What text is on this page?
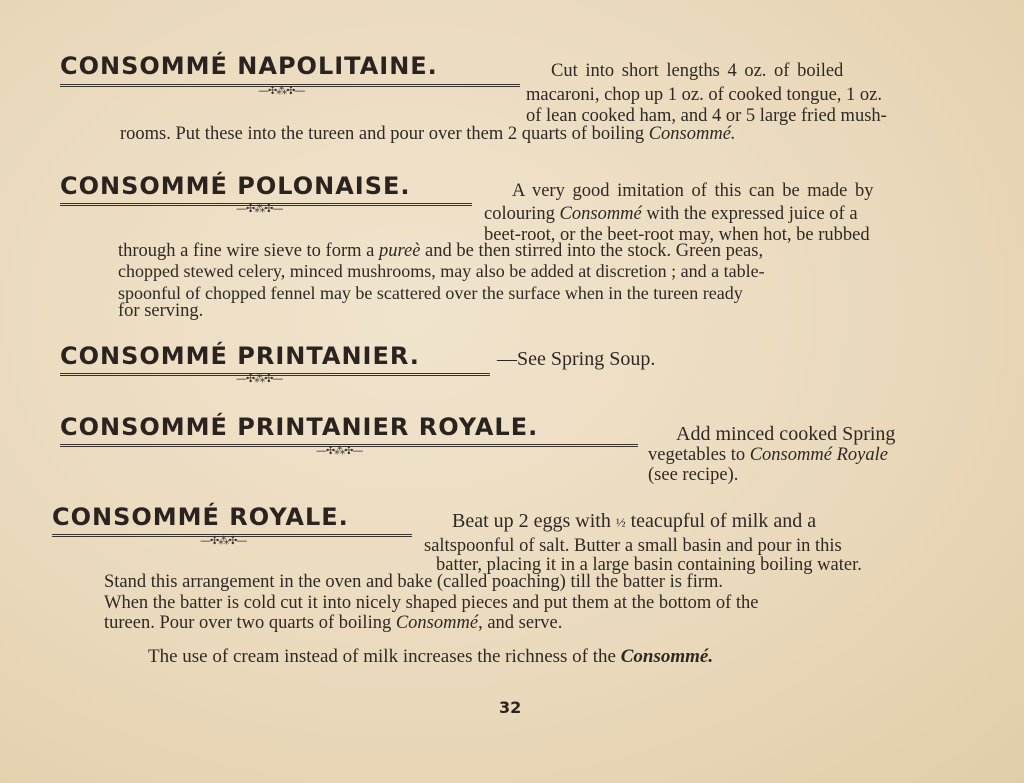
CONSOMMÉ NAPOLITAINE.
—✣⁂✣—
Cut into short lengths 4 oz. of boiled
macaroni, chop up 1 oz. of cooked tongue, 1 oz.
of lean cooked ham, and 4 or 5 large fried mush-
rooms. Put these into the tureen and pour over them 2 quarts of boiling Consommé.
CONSOMMÉ POLONAISE.
—✣⁂✣—
A very good imitation of this can be made by
colouring Consommé with the expressed juice of a
beet-root, or the beet-root may, when hot, be rubbed
through a fine wire sieve to form a pureè and be then stirred into the stock. Green peas,
chopped stewed celery, minced mushrooms, may also be added at discretion ; and a table-
spoonful of chopped fennel may be scattered over the surface when in the tureen ready
for serving.
CONSOMMÉ PRINTANIER.	—See Spring Soup.
—✣⁂✣—
CONSOMMÉ PRINTANIER ROYALE.
—✣⁂✣—
Add minced cooked Spring
vegetables to Consommé Royale
(see recipe).
CONSOMMÉ ROYALE.
—✣⁂✣—
Beat up 2 eggs with ½ teacupful of milk and a
saltspoonful of salt. Butter a small basin and pour in this
batter, placing it in a large basin containing boiling water.
Stand this arrangement in the oven and bake (called poaching) till the batter is firm.
When the batter is cold cut it into nicely shaped pieces and put them at the bottom of the
tureen. Pour over two quarts of boiling Consommé, and serve.
The use of cream instead of milk increases the richness of the Consommé.
32
